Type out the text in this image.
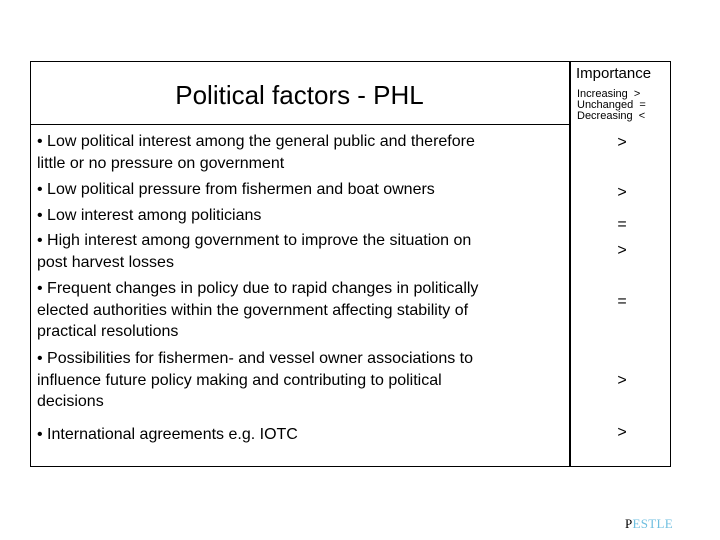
Political factors - PHL
Importance
Increasing  >
Unchanged  =
Decreasing  <

• Low political interest among the general public and therefore
little or no pressure on government

• Low political pressure from fishermen and boat owners

• Low interest among politicians

• High interest among government to improve the situation on
post harvest losses

• Frequent changes in policy due to rapid changes in politically
elected authorities within the government affecting stability of
practical resolutions

• Possibilities for fishermen- and vessel owner associations to
influence future policy making and contributing to political
decisions

• International agreements e.g. IOTC

>
>
=
>
=
>
>
PESTLE
